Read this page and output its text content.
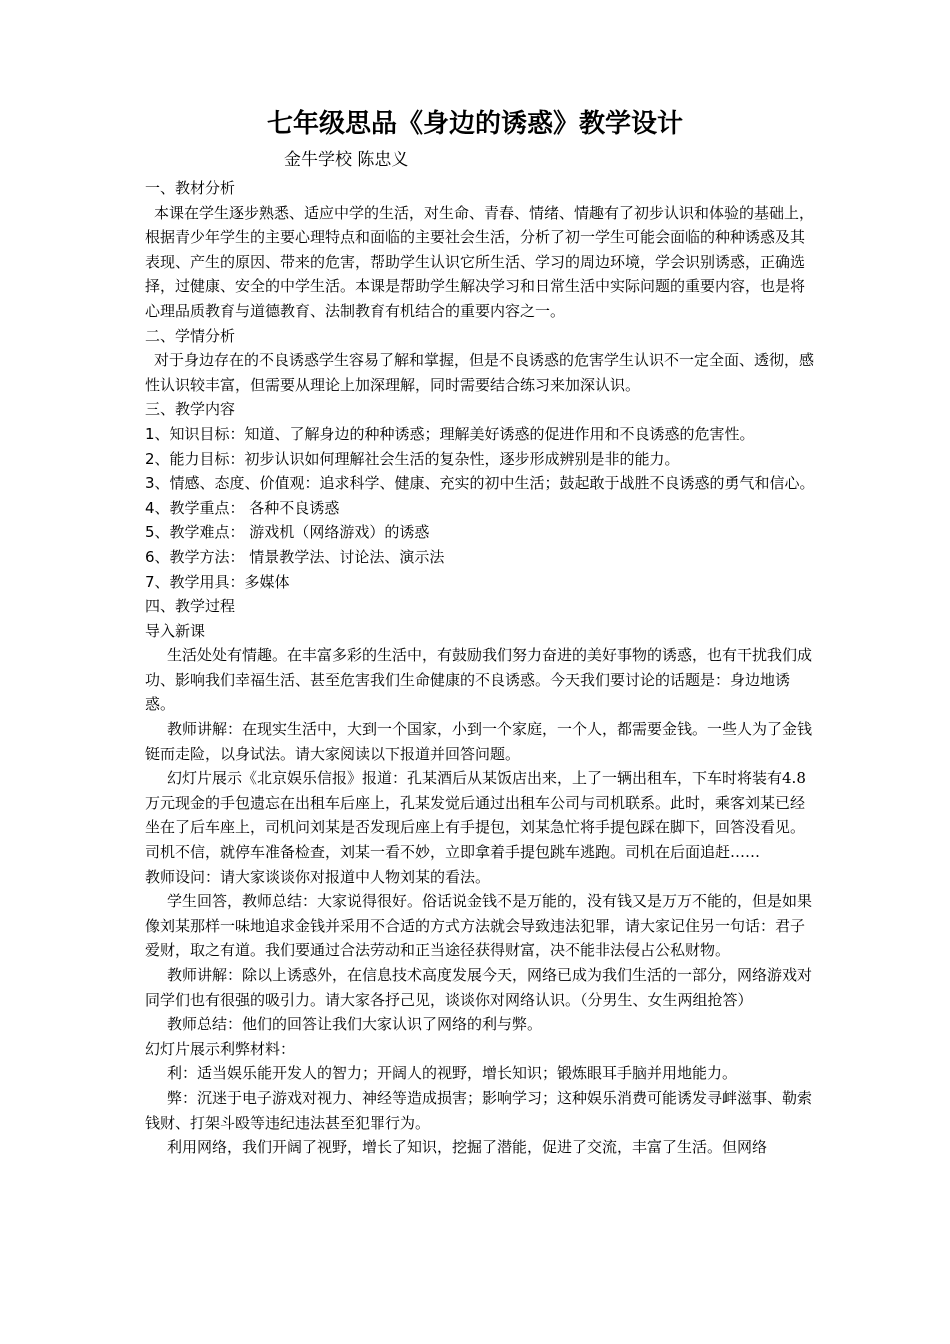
七年级思品《身边的诱惑》教学设计
金牛学校 陈忠义

一、教材分析

本课在学生逐步熟悉、适应中学的生活，对生命、青春、情绪、情趣有了初步认识和体验的基础上，根据青少年学生的主要心理特点和面临的主要社会生活，分析了初一学生可能会面临的种种诱惑及其表现、产生的原因、带来的危害，帮助学生认识它所生活、学习的周边环境，学会识别诱惑，正确选择，过健康、安全的中学生活。本课是帮助学生解决学习和日常生活中实际问题的重要内容，也是将心理品质教育与道德教育、法制教育有机结合的重要内容之一。

二、学情分析

对于身边存在的不良诱惑学生容易了解和掌握，但是不良诱惑的危害学生认识不一定全面、透彻，感性认识较丰富，但需要从理论上加深理解，同时需要结合练习来加深认识。

三、教学内容

1、知识目标：知道、了解身边的种种诱惑；理解美好诱惑的促进作用和不良诱惑的危害性。

2、能力目标：初步认识如何理解社会生活的复杂性，逐步形成辨别是非的能力。

3、情感、态度、价值观：追求科学、健康、充实的初中生活；鼓起敢于战胜不良诱惑的勇气和信心。

4、教学重点： 各种不良诱惑

5、教学难点： 游戏机（网络游戏）的诱惑

6、教学方法： 情景教学法、讨论法、演示法

7、教学用具：多媒体

四、教学过程

导入新课

生活处处有情趣。在丰富多彩的生活中，有鼓励我们努力奋进的美好事物的诱惑，也有干扰我们成功、影响我们幸福生活、甚至危害我们生命健康的不良诱惑。今天我们要讨论的话题是：身边地诱惑。

教师讲解：在现实生活中，大到一个国家，小到一个家庭，一个人，都需要金钱。一些人为了金钱铤而走险，以身试法。请大家阅读以下报道并回答问题。

幻灯片展示《北京娱乐信报》报道：孔某酒后从某饭店出来，上了一辆出租车，下车时将装有4.8万元现金的手包遗忘在出租车后座上，孔某发觉后通过出租车公司与司机联系。此时，乘客刘某已经坐在了后车座上，司机问刘某是否发现后座上有手提包，刘某急忙将手提包踩在脚下，回答没看见。司机不信，就停车准备检查，刘某一看不妙，立即拿着手提包跳车逃跑。司机在后面追赶……

教师设问：请大家谈谈你对报道中人物刘某的看法。

学生回答，教师总结：大家说得很好。俗话说金钱不是万能的，没有钱又是万万不能的，但是如果像刘某那样一味地追求金钱并采用不合适的方式方法就会导致违法犯罪，请大家记住另一句话：君子爱财，取之有道。我们要通过合法劳动和正当途径获得财富，决不能非法侵占公私财物。

教师讲解：除以上诱惑外，在信息技术高度发展今天，网络已成为我们生活的一部分，网络游戏对同学们也有很强的吸引力。请大家各抒己见，谈谈你对网络认识。（分男生、女生两组抢答）

教师总结：他们的回答让我们大家认识了网络的利与弊。

幻灯片展示利弊材料：

利：适当娱乐能开发人的智力；开阔人的视野，增长知识；锻炼眼耳手脑并用地能力。

弊：沉迷于电子游戏对视力、神经等造成损害；影响学习；这种娱乐消费可能诱发寻衅滋事、勒索钱财、打架斗殴等违纪违法甚至犯罪行为。

利用网络，我们开阔了视野，增长了知识，挖掘了潜能，促进了交流，丰富了生活。但网络
